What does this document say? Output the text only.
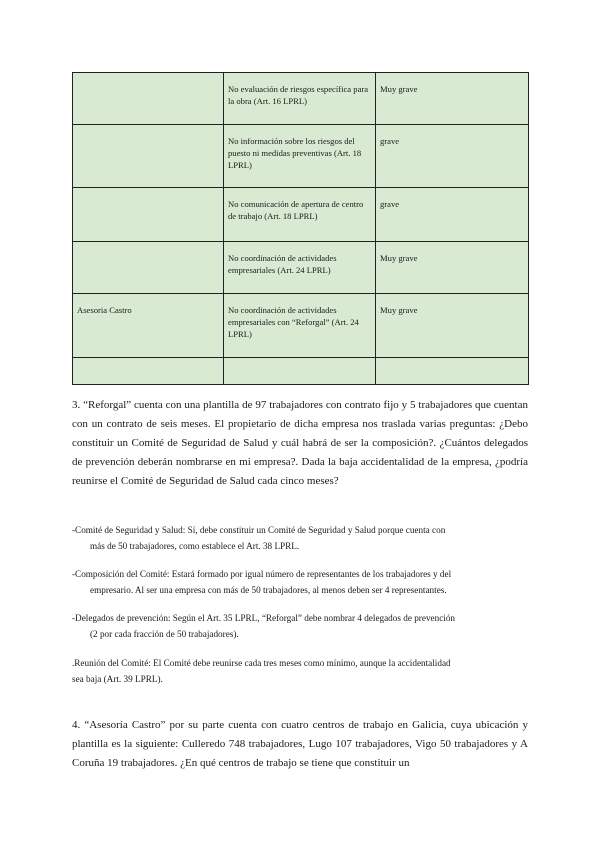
	No evaluación de riesgos específica para la obra (Art. 16 LPRL)	Muy grave
	No información sobre los riesgos del puesto ni medidas preventivas (Art. 18 LPRL)	grave
	No comunicación de apertura de centro de trabajo (Art. 18 LPRL)	grave
	No coordinación de actividades empresariales (Art. 24 LPRL)	Muy grave
Asesoria Castro	No coordinación de actividades empresariales con “Reforgal” (Art. 24 LPRL)	Muy grave

3. “Reforgal” cuenta con una plantilla de 97 trabajadores con contrato fijo y 5 trabajadores que cuentan con un contrato de seis meses. El propietario de dicha empresa nos traslada varias preguntas: ¿Debo constituir un Comité de Seguridad de Salud y cuál habrá de ser la composición?. ¿Cuántos delegados de prevención deberán nombrarse en mi empresa?. Dada la baja accidentalidad de la empresa, ¿podría reunirse el Comité de Seguridad de Salud cada cinco meses?

-Comité de Seguridad y Salud: Sí, debe constituir un Comité de Seguridad y Salud porque cuenta con
más de 50 trabajadores, como establece el Art. 38 LPRL.
-Composición del Comité: Estará formado por igual número de representantes de los trabajadores y del
empresario. Al ser una empresa con más de 50 trabajadores, al menos deben ser 4 representantes.
-Delegados de prevención: Según el Art. 35 LPRL, “Reforgal” debe nombrar 4 delegados de prevención
(2 por cada fracción de 50 trabajadores).
.Reunión del Comité: El Comité debe reunirse cada tres meses como mínimo, aunque la accidentalidad
sea baja (Art. 39 LPRL).

4. “Asesoría Castro” por su parte cuenta con cuatro centros de trabajo en Galicia, cuya ubicación y plantilla es la siguiente: Culleredo 748 trabajadores, Lugo 107 trabajadores, Vigo 50 trabajadores y A Coruña 19 trabajadores. ¿En qué centros de trabajo se tiene que constituir un
